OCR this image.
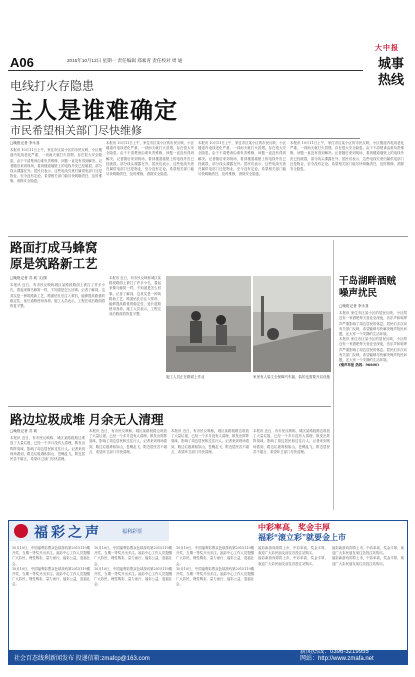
A06	2015年10月12日 星期一 责任编辑 郑素青 责任校对 周 通
大中报
城事
热线
电线打火存隐患
主人是谁难确定
市民希望相关部门尽快维修
□晚报记者 李永喜
本报讯 10月11日上午，家住市区某小区的市民反映，小区楼道内电线老化严重，一到雨天就打火冒烟，存在很大安全隐患。由于不清楚该由谁负责维修，问题一直没有得到解决。记者随后来到现场，看到楼道墙壁上的电线外皮已经破损，部分线头裸露在外。居民们表示，这些电线究竟归属供电部门还是物业，至今没有定论。希望相关部门能尽快明确责任，及时维修，消除安全隐患。
本报讯 10月11日上午，家住市区某小区的市民反映，小区楼道内电线老化严重，一到雨天就打火冒烟，存在很大安全隐患。由于不清楚该由谁负责维修，问题一直没有得到解决。记者随后来到现场，看到楼道墙壁上的电线外皮已经破损，部分线头裸露在外。居民们表示，这些电线究竟归属供电部门还是物业，至今没有定论。希望相关部门能尽快明确责任，及时维修，消除安全隐患。
本报讯 10月11日上午，家住市区某小区的市民反映，小区楼道内电线老化严重，一到雨天就打火冒烟，存在很大安全隐患。由于不清楚该由谁负责维修，问题一直没有得到解决。记者随后来到现场，看到楼道墙壁上的电线外皮已经破损，部分线头裸露在外。居民们表示，这些电线究竟归属供电部门还是物业，至今没有定论。希望相关部门能尽快明确责任，及时维修，消除安全隐患。
本报讯 10月11日上午，家住市区某小区的市民反映，小区楼道内电线老化严重，一到雨天就打火冒烟，存在很大安全隐患。由于不清楚该由谁负责维修，问题一直没有得到解决。记者随后来到现场，看到楼道墙壁上的电线外皮已经破损，部分线头裸露在外。居民们表示，这些电线究竟归属供电部门还是物业，至今没有定论。希望相关部门能尽快明确责任，及时维修，消除安全隐患。
路面打成马蜂窝
原是筑路新工艺
□晚报记者 苏 莉 文/图
本报讯 近日，有市民反映称城区某路段路面上被打了许多小孔，看起来像马蜂窝一样，不知道是怎么回事。记者了解到，这其实是一种筑路新工艺，路面钻孔后注入浆料，能够提高路基的稳定性，延长道路使用寿命。施工人员表示，工程完成后路面将恢复平整。
本报讯 近日，有市民反映称城区某路段路面上被打了许多小孔，看起来像马蜂窝一样，不知道是怎么回事。记者了解到，这其实是一种筑路新工艺，路面钻孔后注入浆料，能够提高路基的稳定性，延长道路使用寿命。施工人员表示，工程完成后路面将恢复平整。
施工人员正在路面上作业	家里有人装文全保障汽车漏，装的也需要开启设施
干岛湖畔酒贼
噪声扰民
□晚报记者 李永喜
本报讯 家住市区某小区的居民反映，小区附近有一家酒吧每天营业至深夜，音乐声和喧哗声严重影响了周边居民的休息。居民们多次向有关部门反映，希望能够尽快解决噪声扰民问题，还大家一个安静的生活环境。
本报讯 家住市区某小区的居民反映，小区附近有一家酒吧每天营业至深夜，音乐声和喧哗声严重影响了周边居民的休息。居民们多次向有关部门反映，希望能够尽快解决噪声扰民问题，还大家一个安静的生活环境。
(噪声举报 热线：96800)
路边垃圾成堆 月余无人清理
□晚报记者 苏 莉
本报讯 近日，有市民反映称，城区某路段路边堆放了大量垃圾，已经一个多月没有人清理，散发出阵阵臭味，影响了周边居民和过往行人。记者来到现场看到，路边垃圾堆积如山，苍蝇乱飞，附近居民苦不堪言，希望环卫部门尽快清理。
本报讯 近日，有市民反映称，城区某路段路边堆放了大量垃圾，已经一个多月没有人清理，散发出阵阵臭味，影响了周边居民和过往行人。记者来到现场看到，路边垃圾堆积如山，苍蝇乱飞，附近居民苦不堪言，希望环卫部门尽快清理。
本报讯 近日，有市民反映称，城区某路段路边堆放了大量垃圾，已经一个多月没有人清理，散发出阵阵臭味，影响了周边居民和过往行人。记者来到现场看到，路边垃圾堆积如山，苍蝇乱飞，附近居民苦不堪言，希望环卫部门尽快清理。
本报讯 近日，有市民反映称，城区某路段路边堆放了大量垃圾，已经一个多月没有人清理，散发出阵阵臭味，影响了周边居民和过往行人。记者来到现场看到，路边垃圾堆积如山，苍蝇乱飞，附近居民苦不堪言，希望环卫部门尽快清理。
福彩之声	福利彩票
10月10日，中国福利彩票双色球游戏第2015119期开奖，当期一等奖开出多注。福彩中心工作人员提醒广大彩民，理性购彩，量力而行，福彩公益，造福社会。
10月10日，中国福利彩票双色球游戏第2015119期开奖，当期一等奖开出多注。福彩中心工作人员提醒广大彩民，理性购彩，量力而行，福彩公益，造福社会。
10月10日，中国福利彩票双色球游戏第2015119期开奖，当期一等奖开出多注。福彩中心工作人员提醒广大彩民，理性购彩，量力而行，福彩公益，造福社会。
10月10日，中国福利彩票双色球游戏第2015119期开奖，当期一等奖开出多注。福彩中心工作人员提醒广大彩民，理性购彩，量力而行，福彩公益，造福社会。
10月10日，中国福利彩票双色球游戏第2015119期开奖，当期一等奖开出多注。福彩中心工作人员提醒广大彩民，理性购彩，量力而行，福彩公益，造福社会。
10月10日，中国福利彩票双色球游戏第2015119期开奖，当期一等奖开出多注。福彩中心工作人员提醒广大彩民，理性购彩，量力而行，福彩公益，造福社会。
中彩率高，奖金丰厚
福彩“滚立彩”就要金上市
福彩新游戏即将上市，中彩率高，奖金丰厚，欢迎广大彩民朋友前往各投注站购买。
福彩新游戏即将上市，中彩率高，奖金丰厚，欢迎广大彩民朋友前往各投注站购买。
福彩新游戏即将上市，中彩率高，奖金丰厚，欢迎广大彩民朋友前往各投注站购买。
福彩新游戏即将上市，中彩率高，奖金丰厚，欢迎广大彩民朋友前往各投注站购买。
社会百态线利新闻发布 投递信箱:zmafcp@163.com
新闻热线：0396-3219955
网站：http://www.zmafa.net
